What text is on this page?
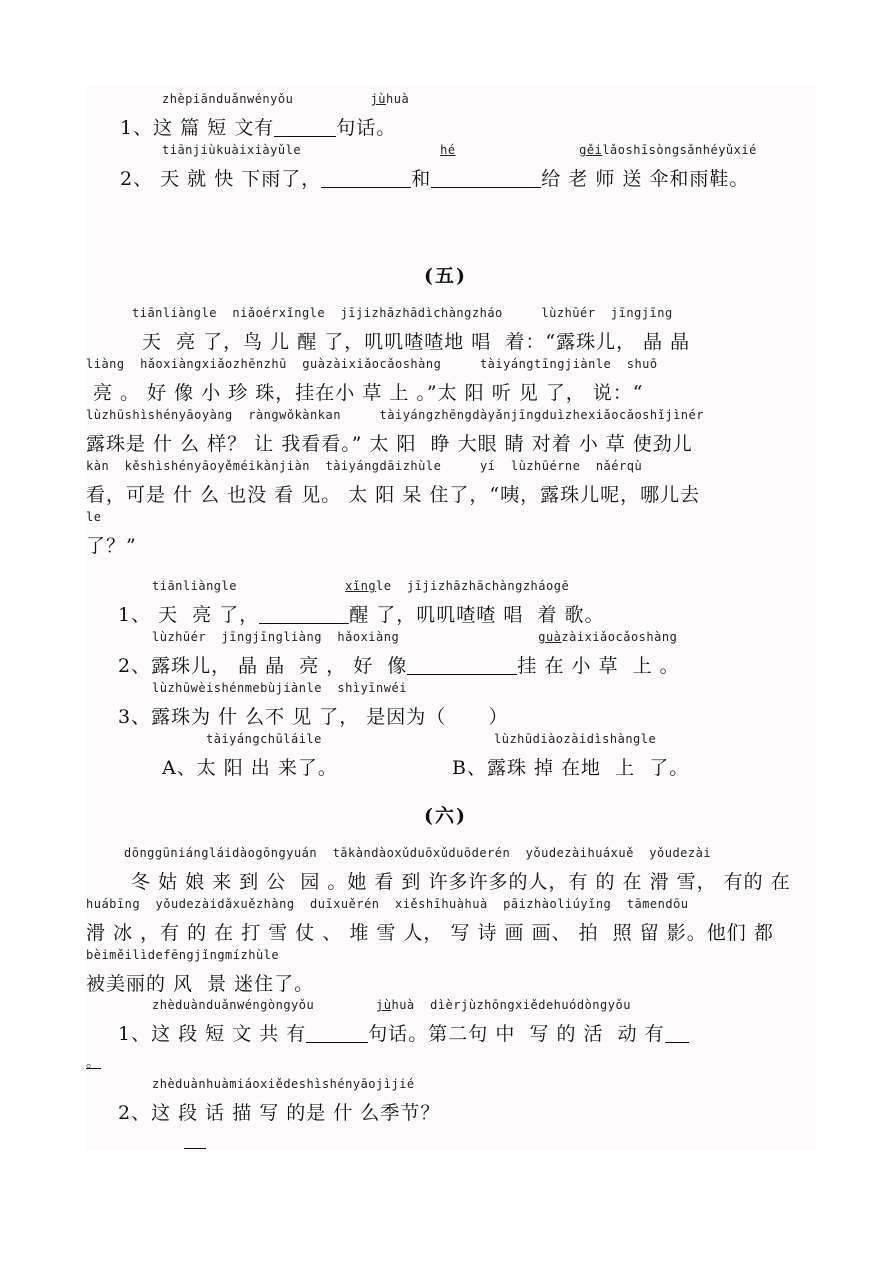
zhèpiānduǎnwényǒu	jùhuà
1、这 篇 短 文有	句话。
tiānjiùkuàixiàyǔle	hé	gěilǎoshīsòngsǎnhéyǔxié
2、 天 就 快 下雨了，	和	给 老 师 送 伞和雨鞋。
(五)
tiānliàngle  niǎoérxǐngle  jījizhāzhādìchàngzháo     lùzhūér  jīngjīng
天  亮 了，鸟 儿 醒 了，叽叽喳喳地 唱  着：“露珠儿， 晶 晶
liàng  hǎoxiàngxiǎozhēnzhū  guàzàixiǎocǎoshàng     tàiyángtīngjiànle  shuō
亮 。 好 像 小 珍 珠，挂在小 草 上 。”太 阳 听 见 了， 说：“
lùzhūshìshényāoyàng  ràngwǒkànkan     tàiyángzhēngdàyǎnjīngduìzhexiǎocǎoshǐjìnér
露珠是 什 么 样？ 让 我看看。” 太 阳  睁 大眼 睛 对着 小 草 使劲儿
kàn  kěshìshényāoyěméikànjiàn  tàiyángdāizhùle     yí  lùzhūérne  nǎérqù
看，可是 什 么 也没 看 见。 太 阳 呆 住了，“咦，露珠儿呢，哪儿去
le
了？”
tiānliàngle	xǐngle  jījizhāzhāchàngzháogē
1、 天  亮 了，	醒 了，叽叽喳喳 唱  着 歌。
lùzhūér  jīngjīngliàng  hǎoxiàng	guàzàixiǎocǎoshàng
2、露珠儿， 晶 晶  亮 ， 好  像	挂 在 小 草  上 。
lùzhūwèishénmebùjiànle  shìyīnwéi
3、露珠为 什 么不 见 了， 是因为（      ）
tàiyángchūláile	lùzhūdiàozàidìshàngle
A、太 阳 出 来了。	B、露珠 掉 在地  上  了。
(六)
dōnggūniángláidàogōngyuán  tākàndàoxǔduōxǔduōderén  yǒudezàihuáxuě  yǒudezài
冬 姑 娘 来 到 公  园 。她 看 到 许多许多的人，有 的 在 滑 雪， 有的 在
huábīng  yǒudezàidǎxuězhàng  duīxuěrén  xiěshīhuàhuà  pāizhàoliúyǐng  tāmendōu
滑 冰 ，有 的 在 打 雪 仗 、 堆 雪 人， 写 诗 画 画、 拍  照 留 影。他们 都
bèiměilìdefēngjǐngmízhùle
被美丽的 风  景 迷住了。
zhèduànduǎnwéngòngyǒu	jùhuà  dìèrjùzhōngxiědehuódòngyǒu
1、这 段 短 文 共 有	句话。第二句 中  写 的 活  动 有
。
zhèduànhuàmiáoxiědeshìshényāojìjié
2、这 段 话 描 写 的是 什 么季节？
